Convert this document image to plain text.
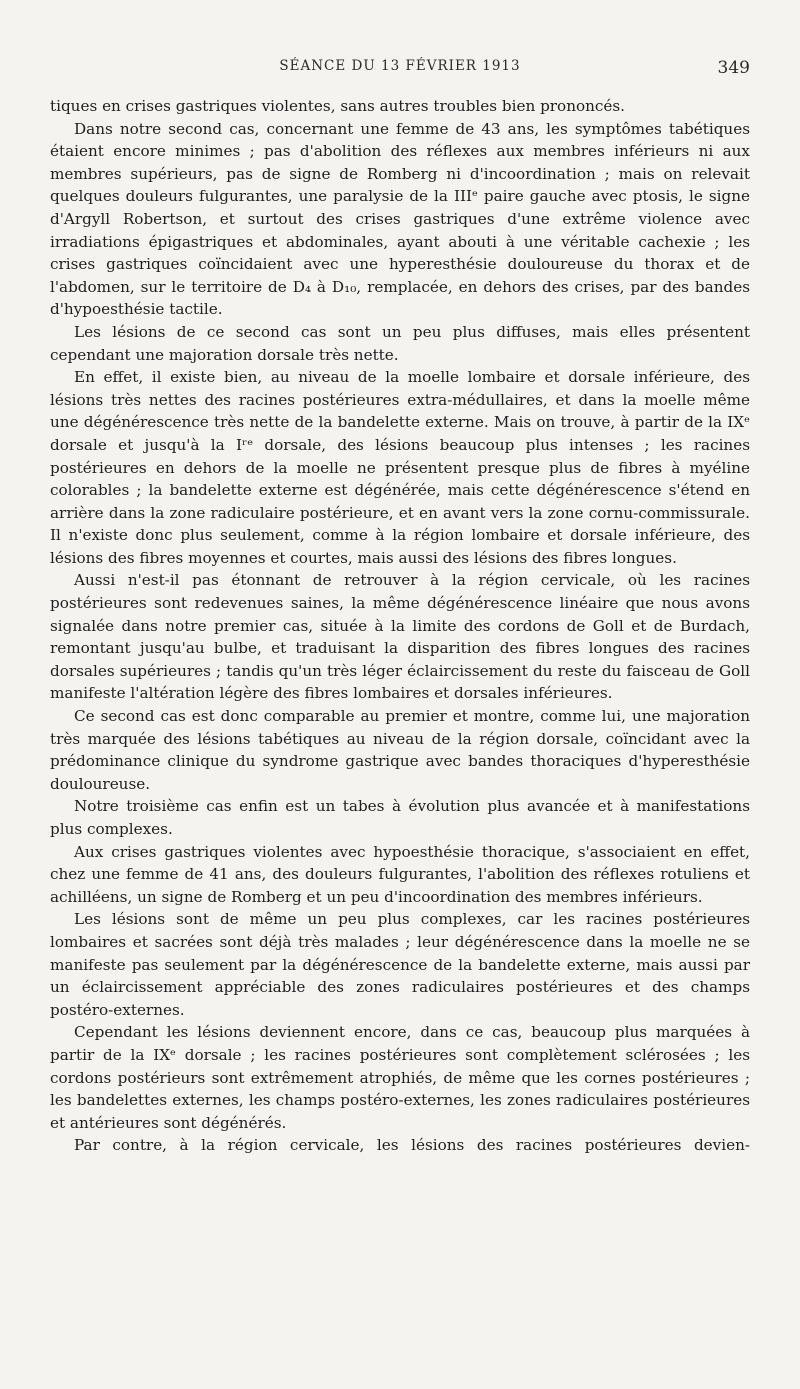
SÉANCE DU 13 FÉVRIER 1913	349

tiques en crises gastriques violentes, sans autres troubles bien prononcés.

Dans notre second cas, concernant une femme de 43 ans, les symptômes tabétiques étaient encore minimes ; pas d'abolition des réflexes aux membres inférieurs ni aux membres supérieurs, pas de signe de Romberg ni d'incoordination ; mais on relevait quelques douleurs fulgurantes, une paralysie de la IIIᵉ paire gauche avec ptosis, le signe d'Argyll Robertson, et surtout des crises gastriques d'une extrême violence avec irradiations épigastriques et abdominales, ayant abouti à une véritable cachexie ; les crises gastriques coïncidaient avec une hyperesthésie douloureuse du thorax et de l'abdomen, sur le territoire de D₄ à D₁₀, remplacée, en dehors des crises, par des bandes d'hypoesthésie tactile.

Les lésions de ce second cas sont un peu plus diffuses, mais elles présentent cependant une majoration dorsale très nette.

En effet, il existe bien, au niveau de la moelle lombaire et dorsale inférieure, des lésions très nettes des racines postérieures extra-médullaires, et dans la moelle même une dégénérescence très nette de la bandelette externe. Mais on trouve, à partir de la IXᵉ dorsale et jusqu'à la Iʳᵉ dorsale, des lésions beaucoup plus intenses ; les racines postérieures en dehors de la moelle ne présentent presque plus de fibres à myéline colorables ; la bandelette externe est dégénérée, mais cette dégénérescence s'étend en arrière dans la zone radiculaire postérieure, et en avant vers la zone cornu-commissurale. Il n'existe donc plus seulement, comme à la région lombaire et dorsale inférieure, des lésions des fibres moyennes et courtes, mais aussi des lésions des fibres longues.

Aussi n'est-il pas étonnant de retrouver à la région cervicale, où les racines postérieures sont redevenues saines, la même dégénérescence linéaire que nous avons signalée dans notre premier cas, située à la limite des cordons de Goll et de Burdach, remontant jusqu'au bulbe, et traduisant la disparition des fibres longues des racines dorsales supérieures ; tandis qu'un très léger éclaircissement du reste du faisceau de Goll manifeste l'altération légère des fibres lombaires et dorsales inférieures.

Ce second cas est donc comparable au premier et montre, comme lui, une majoration très marquée des lésions tabétiques au niveau de la région dorsale, coïncidant avec la prédominance clinique du syndrome gastrique avec bandes thoraciques d'hyperesthésie douloureuse.

Notre troisième cas enfin est un tabes à évolution plus avancée et à manifestations plus complexes.

Aux crises gastriques violentes avec hypoesthésie thoracique, s'associaient en effet, chez une femme de 41 ans, des douleurs fulgurantes, l'abolition des réflexes rotuliens et achilléens, un signe de Romberg et un peu d'incoordination des membres inférieurs.

Les lésions sont de même un peu plus complexes, car les racines postérieures lombaires et sacrées sont déjà très malades ; leur dégénérescence dans la moelle ne se manifeste pas seulement par la dégénérescence de la bandelette externe, mais aussi par un éclaircissement appréciable des zones radiculaires postérieures et des champs postéro-externes.

Cependant les lésions deviennent encore, dans ce cas, beaucoup plus marquées à partir de la IXᵉ dorsale ; les racines postérieures sont complètement sclérosées ; les cordons postérieurs sont extrêmement atrophiés, de même que les cornes postérieures ; les bandelettes externes, les champs postéro-externes, les zones radiculaires postérieures et antérieures sont dégénérés.

Par contre, à la région cervicale, les lésions des racines postérieures devien-
